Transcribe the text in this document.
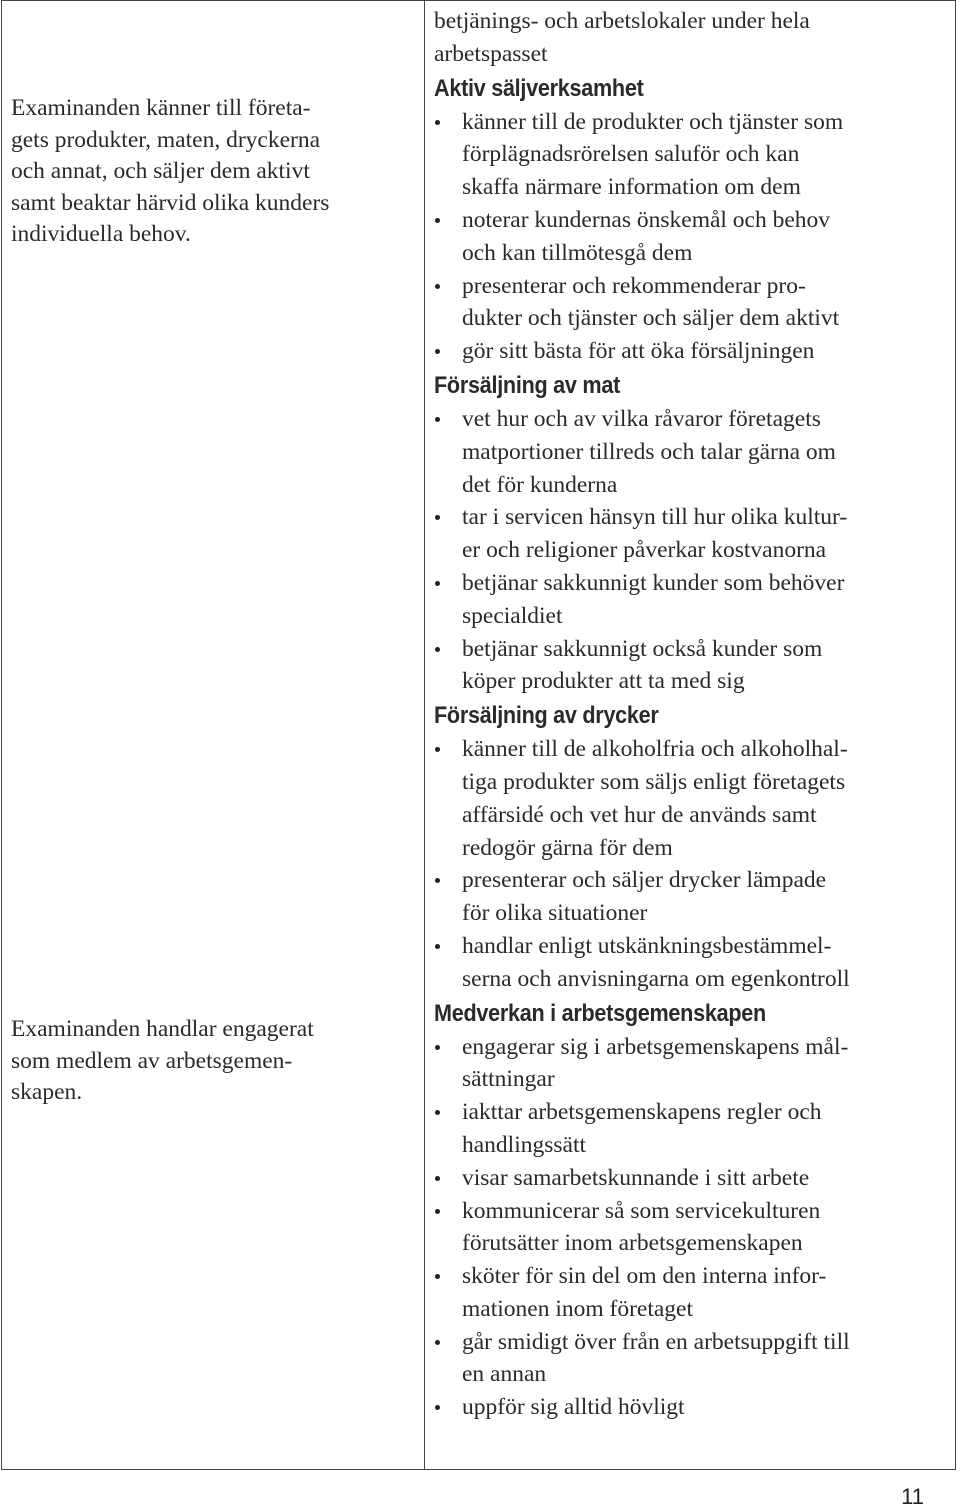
Examinanden känner till företa-
gets produkter, maten, dryckerna
och annat, och säljer dem aktivt
samt beaktar härvid olika kunders
individuella behov.
Examinanden handlar engagerat
som medlem av arbetsgemen-
skapen.

betjänings- och arbetslokaler under hela
arbetspasset

Aktiv säljverksamhet
känner till de produkter och tjänster som
förplägnadsrörelsen saluför och kan
skaffa närmare information om dem
noterar kundernas önskemål och behov
och kan tillmötesgå dem
presenterar och rekommenderar pro-
dukter och tjänster och säljer dem aktivt
gör sitt bästa för att öka försäljningen
Försäljning av mat
vet hur och av vilka råvaror företagets
matportioner tillreds och talar gärna om
det för kunderna
tar i servicen hänsyn till hur olika kultur-
er och religioner påverkar kostvanorna
betjänar sakkunnigt kunder som behöver
specialdiet
betjänar sakkunnigt också kunder som
köper produkter att ta med sig
Försäljning av drycker
känner till de alkoholfria och alkoholhal-
tiga produkter som säljs enligt företagets
affärsidé och vet hur de används samt
redogör gärna för dem
presenterar och säljer drycker lämpade
för olika situationer
handlar enligt utskänkningsbestämmel-
serna och anvisningarna om egenkontroll
Medverkan i arbetsgemenskapen
engagerar sig i arbetsgemenskapens mål-
sättningar
iakttar arbetsgemenskapens regler och
handlingssätt
visar samarbetskunnande i sitt arbete
kommunicerar så som servicekulturen
förutsätter inom arbetsgemenskapen
sköter för sin del om den interna infor-
mationen inom företaget
går smidigt över från en arbetsuppgift till
en annan
uppför sig alltid hövligt
11
